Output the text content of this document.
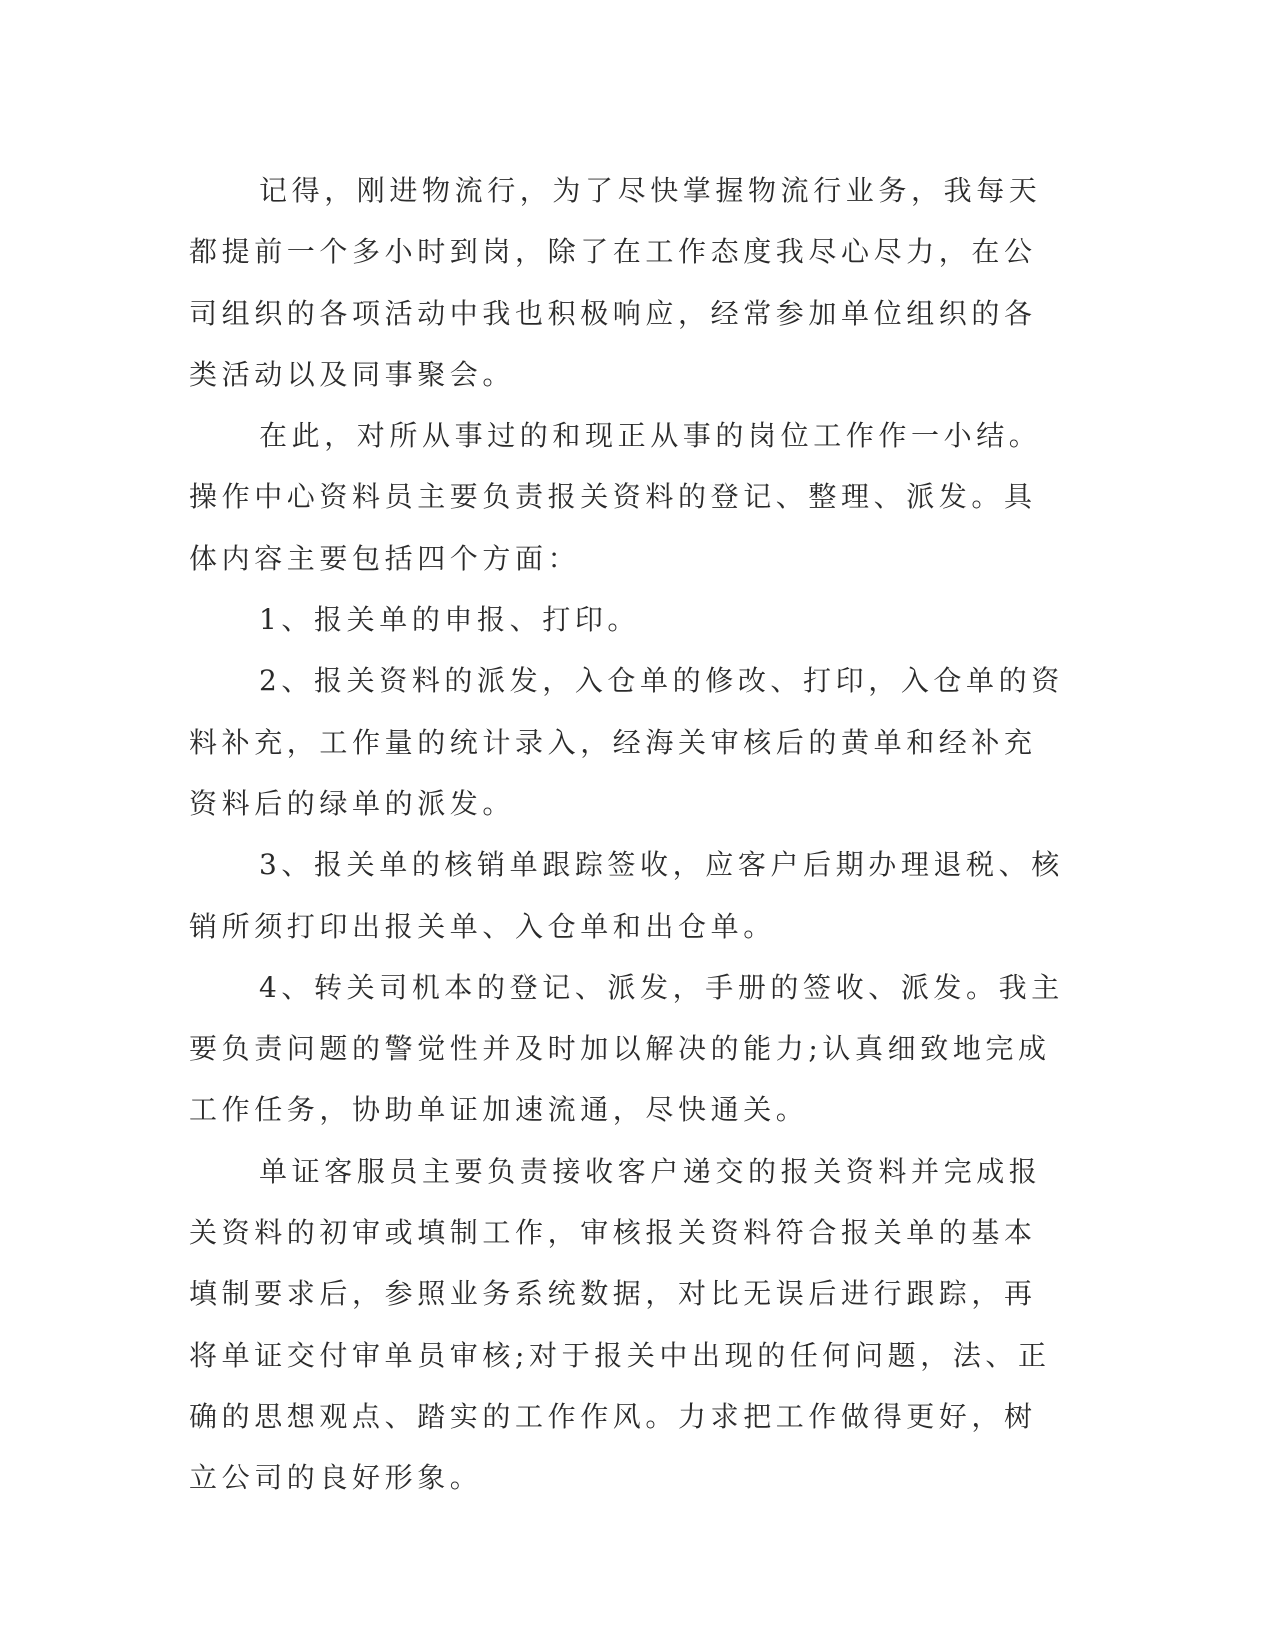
记得，刚进物流行，为了尽快掌握物流行业务，我每天都提前一个多小时到岗，除了在工作态度我尽心尽力，在公司组织的各项活动中我也积极响应，经常参加单位组织的各类活动以及同事聚会。

在此，对所从事过的和现正从事的岗位工作作一小结。操作中心资料员主要负责报关资料的登记、整理、派发。具体内容主要包括四个方面：

1、报关单的申报、打印。

2、报关资料的派发，入仓单的修改、打印，入仓单的资料补充，工作量的统计录入，经海关审核后的黄单和经补充资料后的绿单的派发。

3、报关单的核销单跟踪签收，应客户后期办理退税、核销所须打印出报关单、入仓单和出仓单。

4、转关司机本的登记、派发，手册的签收、派发。我主要负责问题的警觉性并及时加以解决的能力;认真细致地完成工作任务，协助单证加速流通，尽快通关。

单证客服员主要负责接收客户递交的报关资料并完成报关资料的初审或填制工作，审核报关资料符合报关单的基本填制要求后，参照业务系统数据，对比无误后进行跟踪，再将单证交付审单员审核;对于报关中出现的任何问题，法、正确的思想观点、踏实的工作作风。力求把工作做得更好，树立公司的良好形象。
